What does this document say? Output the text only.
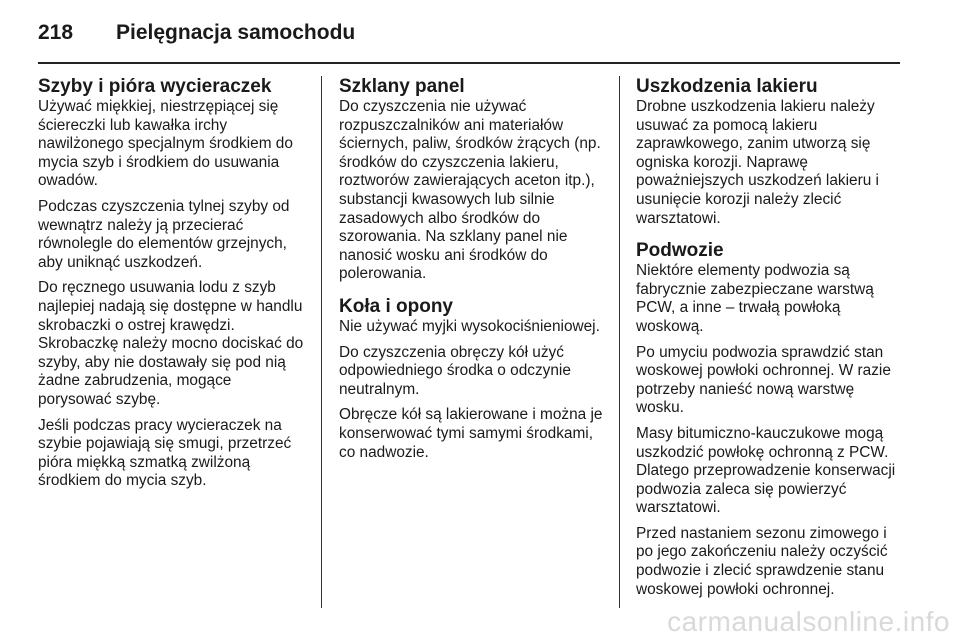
218	Pielęgnacja samochodu
Szyby i pióra wycieraczek

Używać miękkiej, niestrzępiącej się ściereczki lub kawałka irchy nawilżonego specjalnym środkiem do mycia szyb i środkiem do usuwania owadów.

Podczas czyszczenia tylnej szyby od wewnątrz należy ją przecierać równolegle do elementów grzejnych, aby uniknąć uszkodzeń.

Do ręcznego usuwania lodu z szyb najlepiej nadają się dostępne w handlu skrobaczki o ostrej krawędzi. Skrobaczkę należy mocno dociskać do szyby, aby nie dostawały się pod nią żadne zabrudzenia, mogące porysować szybę.

Jeśli podczas pracy wycieraczek na szybie pojawiają się smugi, przetrzeć pióra miękką szmatką zwilżoną środkiem do mycia szyb.

Szklany panel

Do czyszczenia nie używać rozpuszczalników ani materiałów ściernych, paliw, środków żrących (np. środków do czyszczenia lakieru, roztworów zawierających aceton itp.), substancji kwasowych lub silnie zasadowych albo środków do szorowania. Na szklany panel nie nanosić wosku ani środków do polerowania.

Koła i opony

Nie używać myjki wysokociśnieniowej.

Do czyszczenia obręczy kół użyć odpowiedniego środka o odczynie neutralnym.

Obręcze kół są lakierowane i można je konserwować tymi samymi środkami, co nadwozie.

Uszkodzenia lakieru

Drobne uszkodzenia lakieru należy usuwać za pomocą lakieru zaprawkowego, zanim utworzą się ogniska korozji. Naprawę poważniejszych uszkodzeń lakieru i usunięcie korozji należy zlecić warsztatowi.

Podwozie

Niektóre elementy podwozia są fabrycznie zabezpieczane warstwą PCW, a inne – trwałą powłoką woskową.

Po umyciu podwozia sprawdzić stan woskowej powłoki ochronnej. W razie potrzeby nanieść nową warstwę wosku.

Masy bitumiczno-kauczukowe mogą uszkodzić powłokę ochronną z PCW. Dlatego przeprowadzenie konserwacji podwozia zaleca się powierzyć warsztatowi.

Przed nastaniem sezonu zimowego i po jego zakończeniu należy oczyścić podwozie i zlecić sprawdzenie stanu woskowej powłoki ochronnej.

carmanualsonline.info
